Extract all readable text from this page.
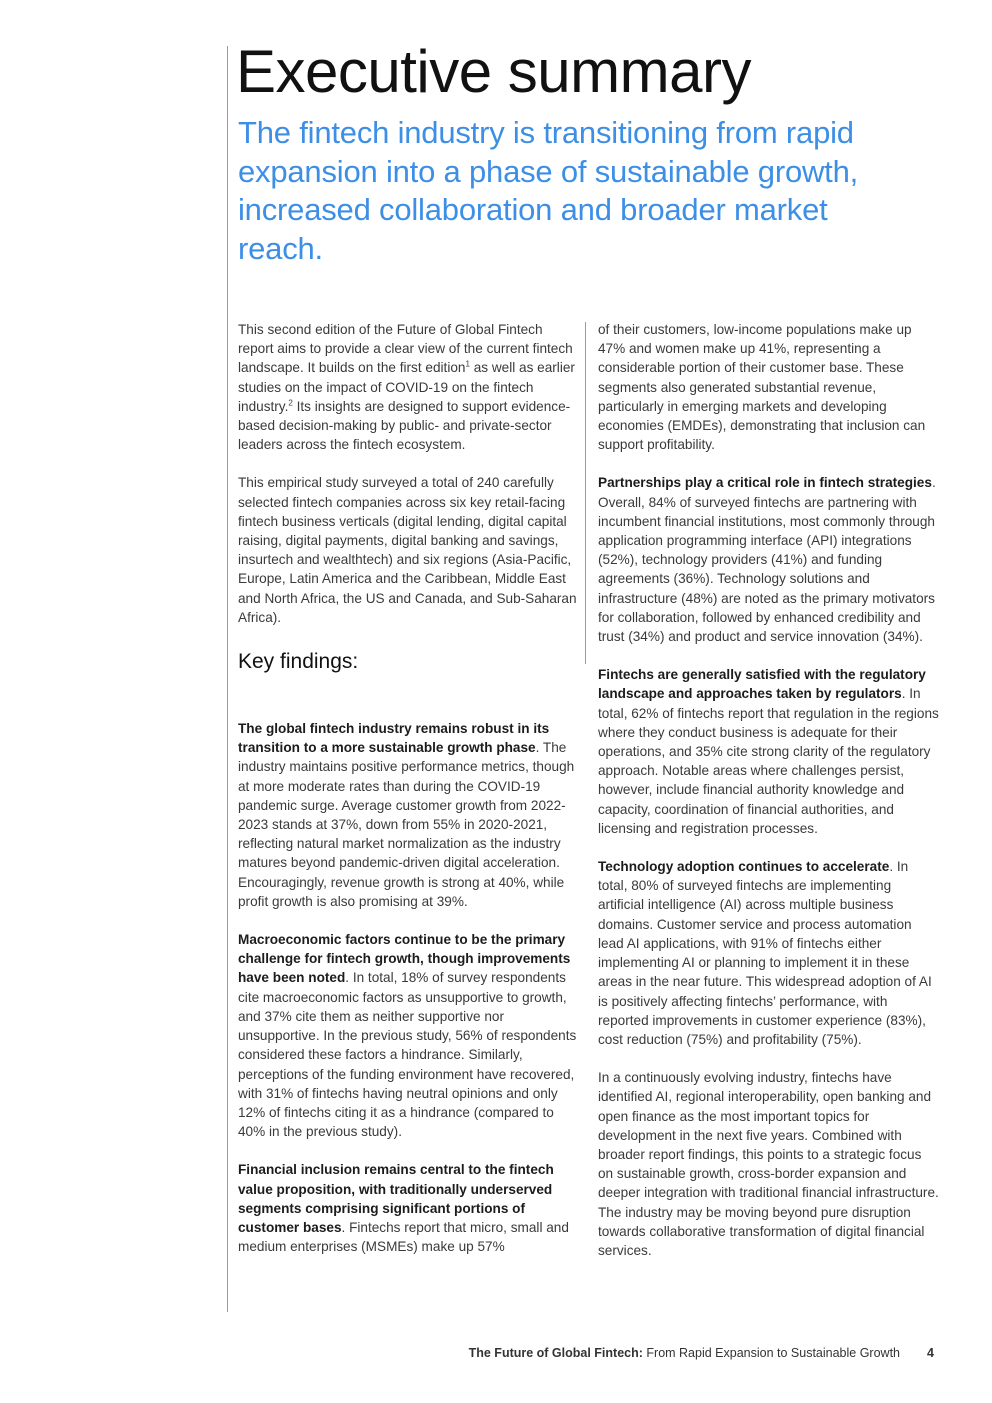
Executive summary
The fintech industry is transitioning from rapid expansion into a phase of sustainable growth, increased collaboration and broader market reach.

This second edition of the Future of Global Fintech report aims to provide a clear view of the current fintech landscape. It builds on the first edition$^1$ as well as earlier studies on the impact of COVID-19 on the fintech industry.$^2$ Its insights are designed to support evidence-based decision-making by public- and private-sector leaders across the fintech ecosystem.

This empirical study surveyed a total of 240 carefully selected fintech companies across six key retail-facing fintech business verticals (digital lending, digital capital raising, digital payments, digital banking and savings, insurtech and wealthtech) and six regions (Asia-Pacific, Europe, Latin America and the Caribbean, Middle East and North Africa, the US and Canada, and Sub-Saharan Africa).

Key findings:

The global fintech industry remains robust in its transition to a more sustainable growth phase. The industry maintains positive performance metrics, though at more moderate rates than during the COVID-19 pandemic surge. Average customer growth from 2022-2023 stands at 37%, down from 55% in 2020-2021, reflecting natural market normalization as the industry matures beyond pandemic-driven digital acceleration. Encouragingly, revenue growth is strong at 40%, while profit growth is also promising at 39%.

Macroeconomic factors continue to be the primary challenge for fintech growth, though improvements have been noted. In total, 18% of survey respondents cite macroeconomic factors as unsupportive to growth, and 37% cite them as neither supportive nor unsupportive. In the previous study, 56% of respondents considered these factors a hindrance. Similarly, perceptions of the funding environment have recovered, with 31% of fintechs having neutral opinions and only 12% of fintechs citing it as a hindrance (compared to 40% in the previous study).

Financial inclusion remains central to the fintech value proposition, with traditionally underserved segments comprising significant portions of customer bases. Fintechs report that micro, small and medium enterprises (MSMEs) make up 57%

of their customers, low-income populations make up 47% and women make up 41%, representing a considerable portion of their customer base. These segments also generated substantial revenue, particularly in emerging markets and developing economies (EMDEs), demonstrating that inclusion can support profitability.

Partnerships play a critical role in fintech strategies. Overall, 84% of surveyed fintechs are partnering with incumbent financial institutions, most commonly through application programming interface (API) integrations (52%), technology providers (41%) and funding agreements (36%). Technology solutions and infrastructure (48%) are noted as the primary motivators for collaboration, followed by enhanced credibility and trust (34%) and product and service innovation (34%).

Fintechs are generally satisfied with the regulatory landscape and approaches taken by regulators. In total, 62% of fintechs report that regulation in the regions where they conduct business is adequate for their operations, and 35% cite strong clarity of the regulatory approach. Notable areas where challenges persist, however, include financial authority knowledge and capacity, coordination of financial authorities, and licensing and registration processes.

Technology adoption continues to accelerate. In total, 80% of surveyed fintechs are implementing artificial intelligence (AI) across multiple business domains. Customer service and process automation lead AI applications, with 91% of fintechs either implementing AI or planning to implement it in these areas in the near future. This widespread adoption of AI is positively affecting fintechs’ performance, with reported improvements in customer experience (83%), cost reduction (75%) and profitability (75%).

In a continuously evolving industry, fintechs have identified AI, regional interoperability, open banking and open finance as the most important topics for development in the next five years. Combined with broader report findings, this points to a strategic focus on sustainable growth, cross-border expansion and deeper integration with traditional financial infrastructure. The industry may be moving beyond pure disruption towards collaborative transformation of digital financial services.

The Future of Global Fintech: From Rapid Expansion to Sustainable Growth 4
